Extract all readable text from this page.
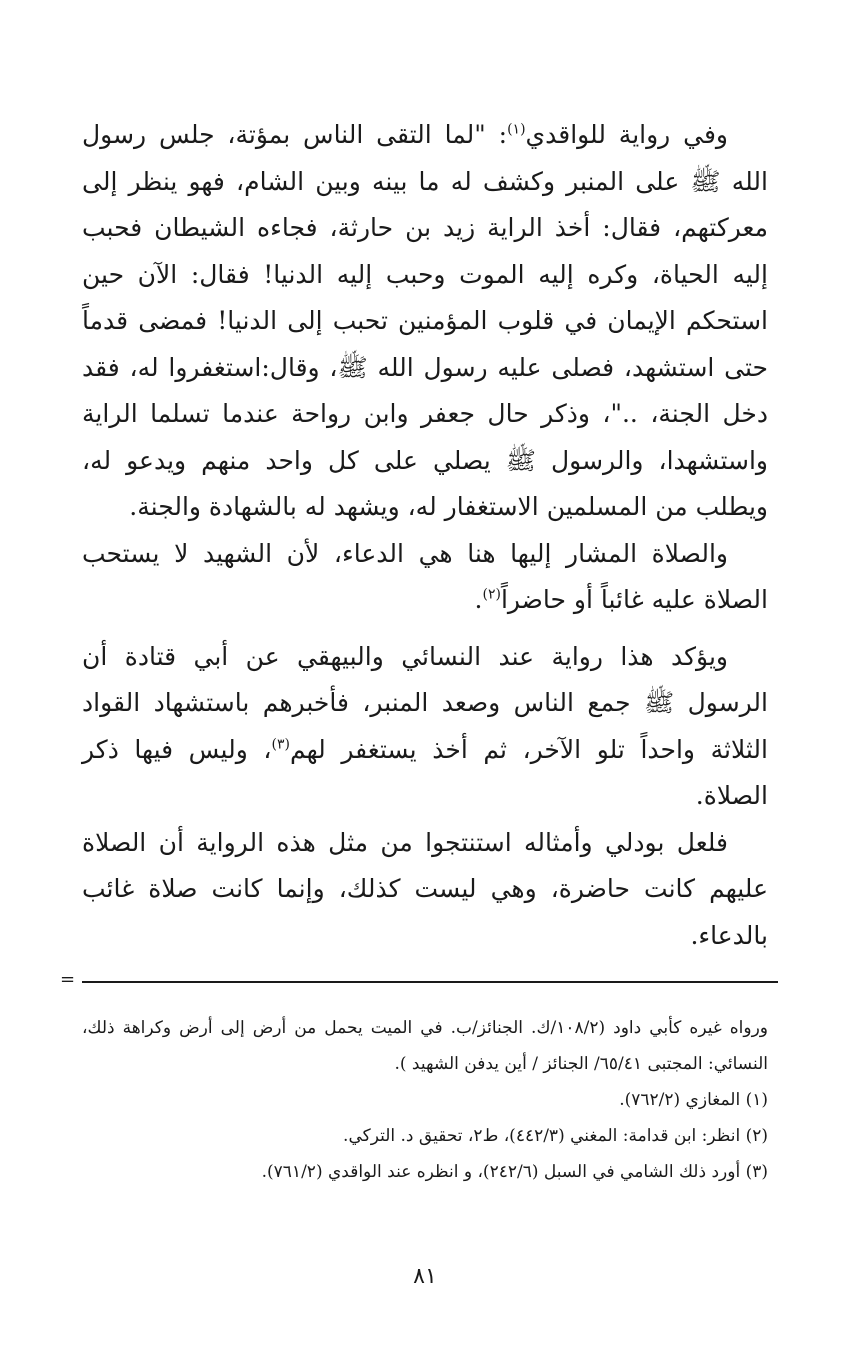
وفي رواية للواقدي$^{(١)}$: "لما التقى الناس بمؤتة، جلس رسول الله ﷺ على المنبر وكشف له ما بينه وبين الشام، فهو ينظر إلى معركتهم، فقال: أخذ الراية زيد بن حارثة، فجاءه الشيطان فحبب إليه الحياة، وكره إليه الموت وحبب إليه الدنيا! فقال: الآن حين استحكم الإيمان في قلوب المؤمنين تحبب إلى الدنيا! فمضى قدماً حتى استشهد، فصلى عليه رسول الله ﷺ، وقال:استغفروا له، فقد دخل الجنة، .."، وذكر حال جعفر وابن رواحة عندما تسلما الراية واستشهدا، والرسول ﷺ يصلي على كل واحد منهم ويدعو له، ويطلب من المسلمين الاستغفار له، ويشهد له بالشهادة والجنة.

والصلاة المشار إليها هنا هي الدعاء، لأن الشهيد لا يستحب الصلاة عليه غائباً أو حاضراً$^{(٢)}$.

ويؤكد هذا رواية عند النسائي والبيهقي عن أبي قتادة أن الرسول ﷺ جمع الناس وصعد المنبر، فأخبرهم باستشهاد القواد الثلاثة واحداً تلو الآخر، ثم أخذ يستغفر لهم$^{(٣)}$، وليس فيها ذكر الصلاة.

فلعل بودلي وأمثاله استنتجوا من مثل هذه الرواية أن الصلاة عليهم كانت حاضرة، وهي ليست كذلك، وإنما كانت صلاة غائب بالدعاء.

=

ورواه غيره كأبي داود (١٠٨/٢/ك. الجنائز/ب. في الميت يحمل من أرض إلى أرض وكراهة ذلك، النسائي: المجتبى ٦٥/٤١/ الجنائز / أين يدفن الشهيد ).

(١) المغازي (٧٦٢/٢).

(٢) انظر: ابن قدامة: المغني (٤٤٢/٣)، ط٢، تحقيق د. التركي.

(٣) أورد ذلك الشامي في السبل (٢٤٢/٦)، و انظره عند الواقدي (٧٦١/٢).

٨١
